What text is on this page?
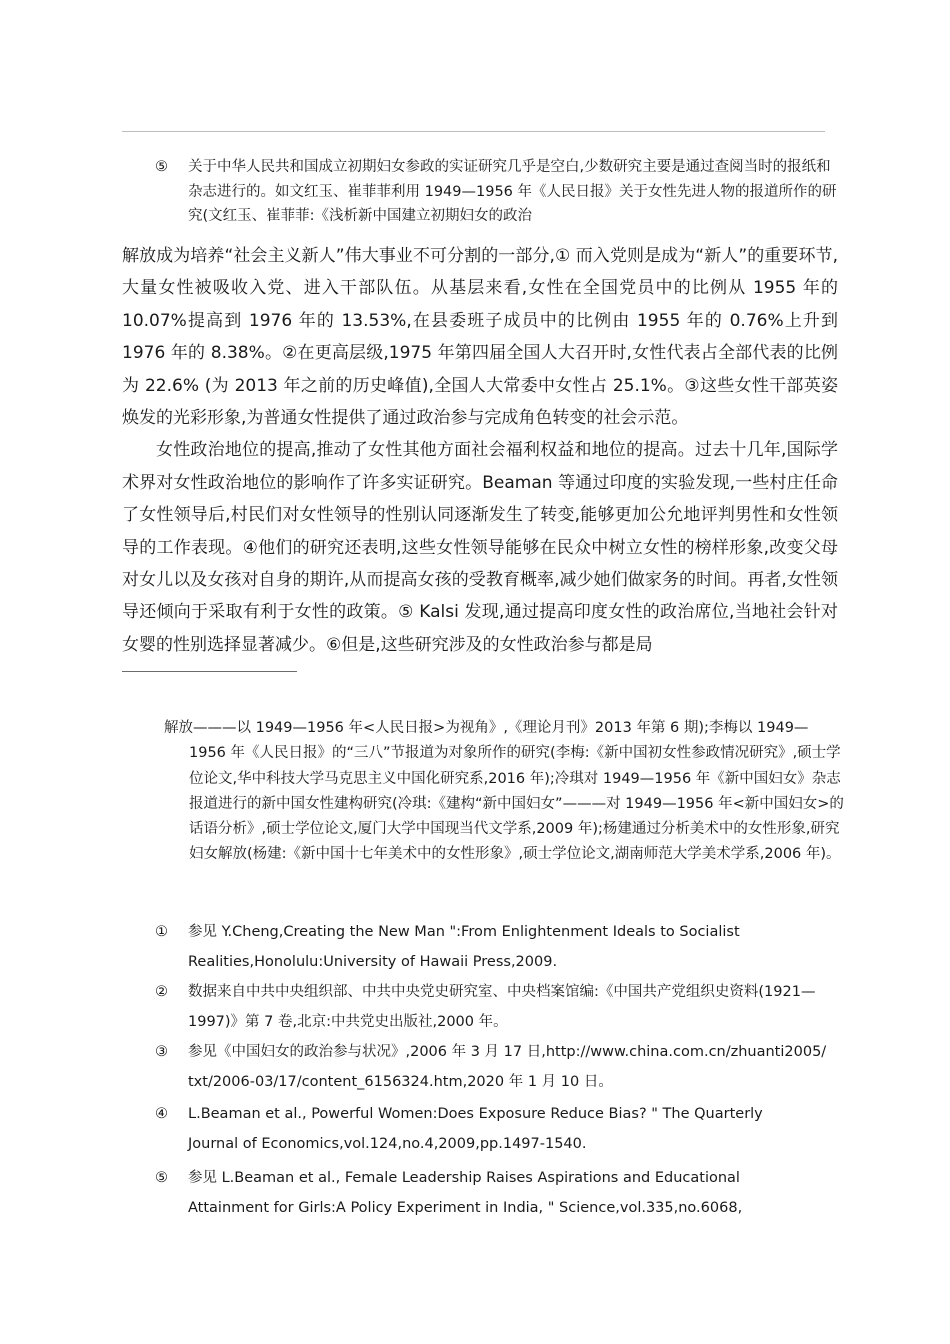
⑤	关于中华人民共和国成立初期妇女参政的实证研究几乎是空白,少数研究主要是通过查阅当时的报纸和杂志进行的。如文红玉、崔菲菲利用 1949—1956 年《人民日报》关于女性先进人物的报道所作的研究(文红玉、崔菲菲:《浅析新中国建立初期妇女的政治

解放成为培养“社会主义新人”伟大事业不可分割的一部分,① 而入党则是成为“新人”的重要环节,大量女性被吸收入党、进入干部队伍。从基层来看,女性在全国党员中的比例从 1955 年的 10.07%提高到 1976 年的 13.53%,在县委班子成员中的比例由 1955 年的 0.76%上升到 1976 年的 8.38%。②在更高层级,1975 年第四届全国人大召开时,女性代表占全部代表的比例为 22.6% (为 2013 年之前的历史峰值),全国人大常委中女性占 25.1%。③这些女性干部英姿焕发的光彩形象,为普通女性提供了通过政治参与完成角色转变的社会示范。

女性政治地位的提高,推动了女性其他方面社会福利权益和地位的提高。过去十几年,国际学术界对女性政治地位的影响作了许多实证研究。Beaman 等通过印度的实验发现,一些村庄任命了女性领导后,村民们对女性领导的性别认同逐渐发生了转变,能够更加公允地评判男性和女性领导的工作表现。④他们的研究还表明,这些女性领导能够在民众中树立女性的榜样形象,改变父母对女儿以及女孩对自身的期许,从而提高女孩的受教育概率,减少她们做家务的时间。再者,女性领导还倾向于采取有利于女性的政策。⑤ Kalsi 发现,通过提高印度女性的政治席位,当地社会针对女婴的性别选择显著减少。⑥但是,这些研究涉及的女性政治参与都是局

解放———以 1949—1956 年<人民日报>为视角》,《理论月刊》2013 年第 6 期);李梅以 1949—
1956 年《人民日报》的“三八”节报道为对象所作的研究(李梅:《新中国初女性参政情况研究》,硕士学位论文,华中科技大学马克思主义中国化研究系,2016 年);冷琪对 1949—1956 年《新中国妇女》杂志报道进行的新中国女性建构研究(冷琪:《建构“新中国妇女”———对 1949—1956 年<新中国妇女>的话语分析》,硕士学位论文,厦门大学中国现当代文学系,2009 年);杨建通过分析美术中的女性形象,研究妇女解放(杨建:《新中国十七年美术中的女性形象》,硕士学位论文,湖南师范大学美术学系,2006 年)。
①	参见 Y.Cheng,Creating the New Man ":From Enlightenment Ideals to Socialist
Realities,Honolulu:University of Hawaii Press,2009.
②	数据来自中共中央组织部、中共中央党史研究室、中央档案馆编:《中国共产党组织史资料(1921—
1997)》第 7 卷,北京:中共党史出版社,2000 年。
③	参见《中国妇女的政治参与状况》,2006 年 3 月 17 日,http://www.china.com.cn/zhuanti2005/
txt/2006-03/17/content_6156324.htm,2020 年 1 月 10 日。
④	L.Beaman et al., Powerful Women:Does Exposure Reduce Bias? " The Quarterly
Journal of Economics,vol.124,no.4,2009,pp.1497-1540.
⑤	参见 L.Beaman et al., Female Leadership Raises Aspirations and Educational
Attainment for Girls:A Policy Experiment in India, " Science,vol.335,no.6068,
